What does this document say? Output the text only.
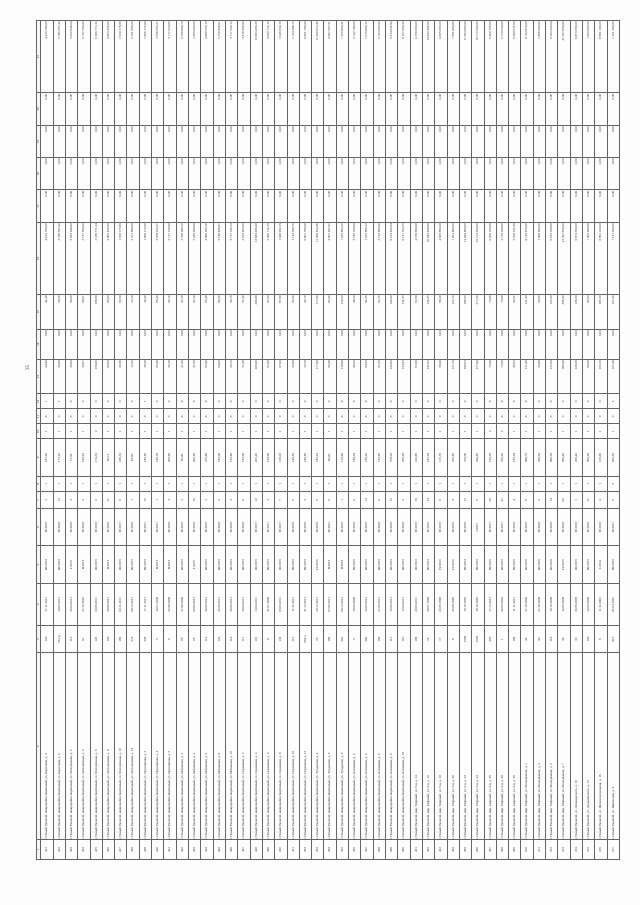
35
1	2	3	4	5	6	7	8	9	10	11	12	13	14	15	16	17	18	19	20	21
431	г.Новый Уренгой, микрорайон Берёзовый, ул. Береговая, д. 4	122	17.11.2011	III.2014	IV.2016	2	1	187,20	1	0	1	44,40	0,00	44,40	4 415 786,00	0,00	0,00	0,00	0,00	4 415 786,00
432	г.Новый Уренгой, микрорайон Берёзовый, ул. Береговая, д. 6	351 в	19.02.2011	III.2014	IV.2016	13	1	175,10	1	0	1	39,60	0,00	39,60	3 786 397,42	0,00	0,00	0,00	0,00	3 786 397,42
433	г.Новый Уренгой, микрорайон Берёзовый, ул. Молодёжная, д. 2	112	26.04.2011	I.2015	IV.2016	2	1	72,56	1	0	0	39,00	0,00	39,00	3 932 948,00	0,00	0,00	0,00	0,00	3 932 948,00
434	г.Новый Уренгой, микрорайон Берёзовый, ул. Молодёжная, д. 4	97	27.12.2010	II.2015	IV.2016	2	1	168,23	1	0	0	38,67	0,00	38,67	3 737 550,00	0,00	0,00	0,00	0,00	3 737 550,00
435	г.Новый Уренгой, микрорайон Берёзовый, ул. Молодёжная, д. 6	120	30.06.2011	III.2015	IV.2016	2	1	174,33	2	0	0	158,80	0,00	158,80	3 186 771,34	0,00	0,00	0,00	0,00	3 186 771,34
436	г.Новый Уренгой, микрорайон Берёзовый, ул. Молодёжная, д. 8	125	30.06.2011	II.2015	IV.2016	11	1	96,13	1	0	0	85,00	0,00	85,00	4 905 456,00	0,00	0,00	0,00	0,00	4 905 456,00
437	г.Новый Уренгой, микрорайон Берёзовый, ул. Молодёжная, д. 10	190	02.11.2011	III.2015	IV.2017	6	1	186,33	1	0	0	30,50	0,00	30,50	1 910 175,96	0,00	0,00	0,00	0,00	1 910 175,96
438	г.Новый Уренгой, микрорайон Берёзовый, ул. Молодёжная, д. 12	274	08.12.2011	III.2015	IV.2016	1	1	93,60	1	0	0	13,20	0,00	13,20	2 701 896,00	0,00	0,00	0,00	0,00	2 701 896,00
439	г.Новый Уренгой, микрорайон Берёзовый, ул. Приозёрная, д. 2	229	17.11.2011	III.2015	IV.2017	15	1	185,50	1	0	1	38,40	0,00	38,40	1 966 172,00	0,00	0,00	0,00	0,00	1 966 172,00
440	г.Новый Уренгой, микрорайон Берёзовый, ул. Приозёрная, д. 4	5	14.07.2009	II.2015	IV.2017	1	1	120,78	1	0	0	85,40	0,00	85,40	3 558 253,27	0,00	0,00	0,00	0,00	3 558 253,27
441	г.Новый Уренгой, микрорайон Берёзовый, ул. Приозёрная, д. 6	6	23.09.2009	II.2015	IV.2016	2	1	205,90	1	0	0	50,10	0,00	50,10	5 717 310,00	0,00	0,00	0,00	0,00	5 717 310,00
442	г.Новый Уренгой, микрорайон Берёзовый, ул. Рябиновая, д. 2	85	27.08.2008	III.2015	IV.2016	2	1	90,00	1	0	0	47,20	0,00	47,20	3 798 009,70	0,00	0,00	0,00	0,00	3 798 009,70
443	г.Новый Уренгой, микрорайон Берёзовый, ул. Рябиновая, д. 4	95	09.02.2011	I.2015	IV.2016	10	1	202,50	1	0	0	47,20	0,00	47,20	3 285 000,00	0,00	0,00	0,00	0,00	3 285 000,00
444	г.Новый Уренгой, микрорайон Берёзовый, ул. Рябиновая, д. 6	112	30.06.2011	III.2015	IV.2016	2	1	215,88	1	0	0	65,40	0,00	65,40	4 899 555,10	0,00	0,00	0,00	0,00	4 899 555,10
445	г.Новый Уренгой, микрорайон Берёзовый, ул. Рябиновая, д. 8	123	26.09.2011	III.2015	IV.2016	2	1	162,00	1	0	0	94,00	0,00	94,00	5 159 408,87	0,00	0,00	0,00	0,00	5 159 408,87
446	г.Новый Уренгой, микрорайон Берёзовый, ул. Рябиновая, д. 10	114	30.06.2011	III.2015	IV.2016	2	1	156,80	1	0	0	50,15	0,00	50,15	5 717 330,15	0,00	0,00	0,00	0,00	5 717 330,15
447	г.Новый Уренгой, микрорайон Берёзовый, ул. Сиреневая, д. 2	117	28.04.2011	III.2015	IV.2016	8	1	132,06	1	0	0	51,40	0,00	51,40	3 419 285,00	0,00	0,00	0,00	0,00	3 419 285,00
448	г.Новый Уренгой, микрорайон Берёзовый, ул. Сиреневая, д. 4	101	13.04.2011	III.2015	IV.2017	12	1	201,20	1	0	0	206,80	0,00	206,80	13 683 466,20	0,00	0,00	0,00	0,00	13 683 466,20
449	г.Новый Уренгой, микрорайон Берёзовый, ул. Сиреневая, д. 6	8	21.07.2009	III.2015	IV.2017	4	1	138,00	1	0	0	91,60	0,00	91,60	5 000 712,15	0,00	0,00	0,00	0,00	5 000 712,15
450	г.Новый Уренгой, микрорайон Берёзовый, ул. Сиреневая, д. 8	136	05.03.2011	III.2015	IV.2017	7	1	138,03	1	0	0	87,90	0,00	87,90	1 046 932,15	0,00	0,00	0,00	0,00	1 046 932,15
451	г.Новый Уренгой, микрорайон Берёзовый, ул. Сиреневая, д. 10	113	11.11.2011	III.2015	IV.2016	6	1	148,50	1	0	0	52,90	0,00	52,90	1 744 398,76	0,00	0,00	0,00	0,00	1 744 398,76
452	г.Новый Уренгой, микрорайон Берёзовый, ул. Сиреневая, д. 12	563 а	31.12.2011	III.2015	IV.2016	5	1	180,40	1	0	0	24,70	0,00	24,70	6 901 796,00	0,00	0,00	0,00	0,00	6 901 796,00
453	г.Новый Уренгой, микрорайон Берёзовый, ул. Тундровая, д. 4	10	29.12.2011	IV.2015	IV.2016	6	1	185,24	1	0	0	177,90	0,00	177,90	11 569 813,46	0,00	0,00	0,00	0,00	11 569 813,46
454	г.Новый Уренгой, микрорайон Берёзовый, ул. Тундровая, д. 6	186	07.06.2011	II.2015	IV.2017	6	1	60,40	1	0	0	60,40	0,00	60,40	4 507 207,51	0,00	0,00	0,00	0,00	4 507 207,51
455	г.Новый Уренгой, микрорайон Берёзовый, ул. Тундровая, д. 8	381	09.12.2011	II.2016	IV.2016	1	1	118,60	1	0	0	118,60	0,00	118,60	7 455 865,21	0,00	0,00	0,00	0,00	7 455 865,21
456	г.Новый Уренгой, микрорайон Берёзовый, ул. Ключевая, д. 2	5	19.02.2008	III.2015	IV.2016	6	1	148,34	1	0	0	48,20	0,00	48,20	3 742 789,00	0,00	0,00	0,00	0,00	3 742 789,00
457	г.Новый Уренгой, микрорайон Берёзовый, ул. Ключевая, д. 4	200	16.05.2011	III.2015	IV.2016	14	1	188,26	1	0	0	64,35	0,00	64,35	1 015 866,12	0,00	0,00	0,00	0,00	1 015 866,12
458	г.Новый Уренгой, микрорайон Берёзовый, ул. Ключевая, д. 6	169	27.06.2011	III.2015	IV.2016	6	1	122,90	1	0	0	61,35	0,00	61,35	3 723 895,60	0,00	0,00	0,00	0,00	3 723 895,60
459	г.Новый Уренгой, микрорайон Берёзовый, ул. Ключевая, д. 8	111	12.06.2011	III.2015	IV.2016	12	1	278,02	1	0	0	142,00	0,00	142,00	9 214 832,94	0,00	0,00	0,00	0,00	9 214 832,94
460	г.Новый Уренгой, микрорайон Берёзовый, ул. Ключевая, д. 10	110	12.04.2011	III.2015	IV.2016	2	1	265,28	1	0	0	154,55	0,00	154,55	9 127 353,55	0,00	0,00	0,00	0,00	9 127 353,55
461	г.Новый Уренгой, мкр. Мирный, ул. 5-я, д. 14	186	28.03.2011	III.2013	IV.2015	16	1	104,96	1	0	0	61,90	0,00	61,90	4 158 600,00	0,00	0,00	0,00	0,00	4 158 600,00
462	г.Новый Уренгой, мкр. Мирный, ул. 5-я, д. 16	19	30.07.1998	III.2013	IV.2015	14	1	187,24	1	0	0	145,25	0,00	145,25	10 842 468,00	0,00	0,00	0,00	0,00	10 842 468,00
463	г.Новый Уренгой, мкр. Мирный, ул. 5-я, д. 18	17	20.05.1998	IV.2013	IV.2015	6	1	115,78	1	0	0	58,20	0,00	58,20	4 825 893,00	0,00	0,00	0,00	0,00	4 825 893,00
464	г.Новый Уренгой, мкр. Мирный, ул. 5-я, д. 20	8	26.08.1998	IV.2013	IV.2015	4	1	225,20	1	0	0	127,70	0,00	127,70	7 951 800,00	0,00	0,00	0,00	0,00	7 951 800,00
465	г.Новый Уренгой, мкр. Мирный, ул. 5-я, д. 22	1558	19.10.1995	III.2014	IV.2016	12	1	370,00	1	0	0	188,53	0,00	188,53	11 494 800,00	0,00	0,00	0,00	0,00	11 494 800,00
466	г.Новый Уренгой, мкр. Мирный, ул. 5-я, д. 24	1559	19.10.1995	III.2015	I.2017	6	1	344,20	1	0	0	277,60	0,00	277,60	19 772 200,00	0,00	0,00	0,00	0,00	19 772 200,00
467	г.Новый Уренгой, мкр. Мирный, ул. 5-я, д. 26	225	17.12.2011	III.2015	IV.2017	30	1	120,35	2	0	0	75,90	0,00	75,90	6 460 185,00	0,00	0,00	0,00	0,00	6 460 185,00
468	г.Новый Уренгой, мкр. Мирный, ул. 5-я, д. 28	1	24.05.2003	III.2015	IV.2017	47	1	916,20	2	0	0	75,90	0,00	75,90	5 730 630,00	0,00	0,00	0,00	0,00	5 730 630,00
469	г.Новый Уренгой, мкр. Мирный, ул. 5-я, д. 30	109	11.11.2011	III.2015	IV.2016	4	1	125,54	1	0	0	30,52	0,00	30,52	6 929 611,00	0,00	0,00	0,00	0,00	6 929 611,00
470	г.Новый Уренгой, мкр. Мирный, ул. Молодёжная, д. 1	45	27.10.2009	III.2016	IV.2016	6	1	668,72	1	0	0	131,40	0,00	131,40	8 744 976,00	0,00	0,00	0,00	0,00	8 744 976,00
471	г.Новый Уренгой, мкр. Мирный, ул. Молодёжная, д. 3	50	27.10.2009	III.2016	IV.2016	2	1	450,30	1	0	0	30,60	0,00	30,60	1 896 600,00	0,00	0,00	0,00	0,00	1 896 600,00
472	г.Новый Уренгой, мкр. Мирный, ул. Молодёжная, д. 5	119	19.10.2009	III.2016	IV.2016	14	1	900,36	1	0	0	131,00	0,00	131,00	9 183 350,00	0,00	0,00	0,00	0,00	9 183 350,00
473	г.Новый Уренгой, мкр. Мирный, ул. Молодёжная, д. 7	36	14.05.2009	IV.2015	IV.2016	62	1	895,40	1	0	0	398,40	0,00	398,40	21 397 850,00	0,00	0,00	0,00	0,00	21 397 850,00
474	г.Новый Уренгой, ул. Дзержинского, д. 10	33	30.05.2009	III.2015	IV.2016	1	1	265,40	1	0	0	126,30	0,00	126,30	6 873 350,00	0,00	0,00	0,00	0,00	6 873 350,00
475	г.Новый Уренгой, ул. Дзержинского, д. 12	125	14.05.2009	III.2015	IV.2016	11	1	505,30	1	0	0	90,60	0,00	90,60	7 003 600,00	0,00	0,00	0,00	0,00	7 003 600,00
476	г.Новый Уренгой, ул. Железнодорожная, д. 16	6	11.11.2003	I.2014	IV.2016	4	1	135,00	1	0	0	183,10	0,00	183,10	8 991 100,00	0,00	0,00	0,00	0,00	8 991 100,00
477	г.Новый Уренгой, ул. Ямальская, д. 4	413	01.04.1997	III.2015	IV.2017	6	2	665,30	1	0	2	107,40	0,00	107,40	7 161 300,00	0,00	0,00	0,00	0,00	7 161 300,00
